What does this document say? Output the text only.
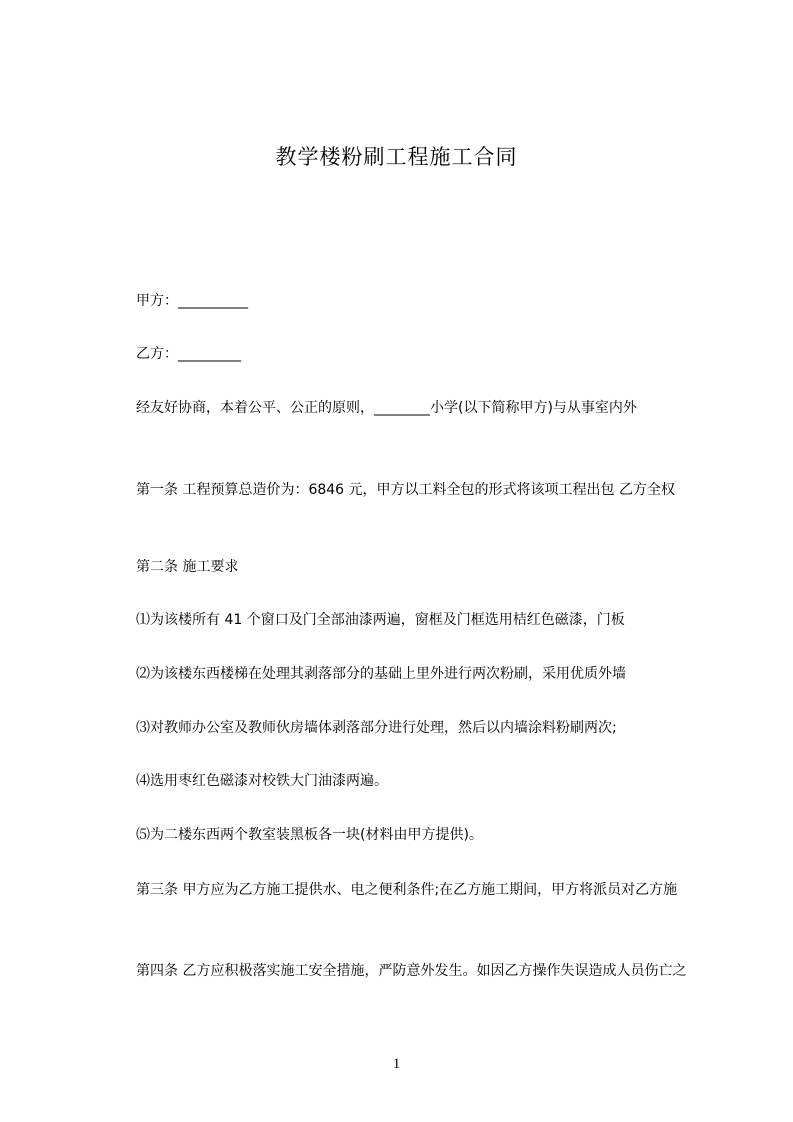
教学楼粉刷工程施工合同
甲方：__________
乙方：_________
经友好协商，本着公平、公正的原则，________小学(以下简称甲方)与从事室内外
第一条 工程预算总造价为：6846 元，甲方以工料全包的形式将该项工程出包 乙方全权
第二条 施工要求
⑴为该楼所有 41 个窗口及门全部油漆两遍，窗框及门框选用桔红色磁漆，门板
⑵为该楼东西楼梯在处理其剥落部分的基础上里外进行两次粉刷，采用优质外墙
⑶对教师办公室及教师伙房墙体剥落部分进行处理，然后以内墙涂料粉刷两次;
⑷选用枣红色磁漆对校铁大门油漆两遍。
⑸为二楼东西两个教室装黑板各一块(材料由甲方提供)。
第三条 甲方应为乙方施工提供水、电之便利条件;在乙方施工期间，甲方将派员对乙方施
第四条 乙方应积极落实施工安全措施，严防意外发生。如因乙方操作失误造成人员伤亡之
1
